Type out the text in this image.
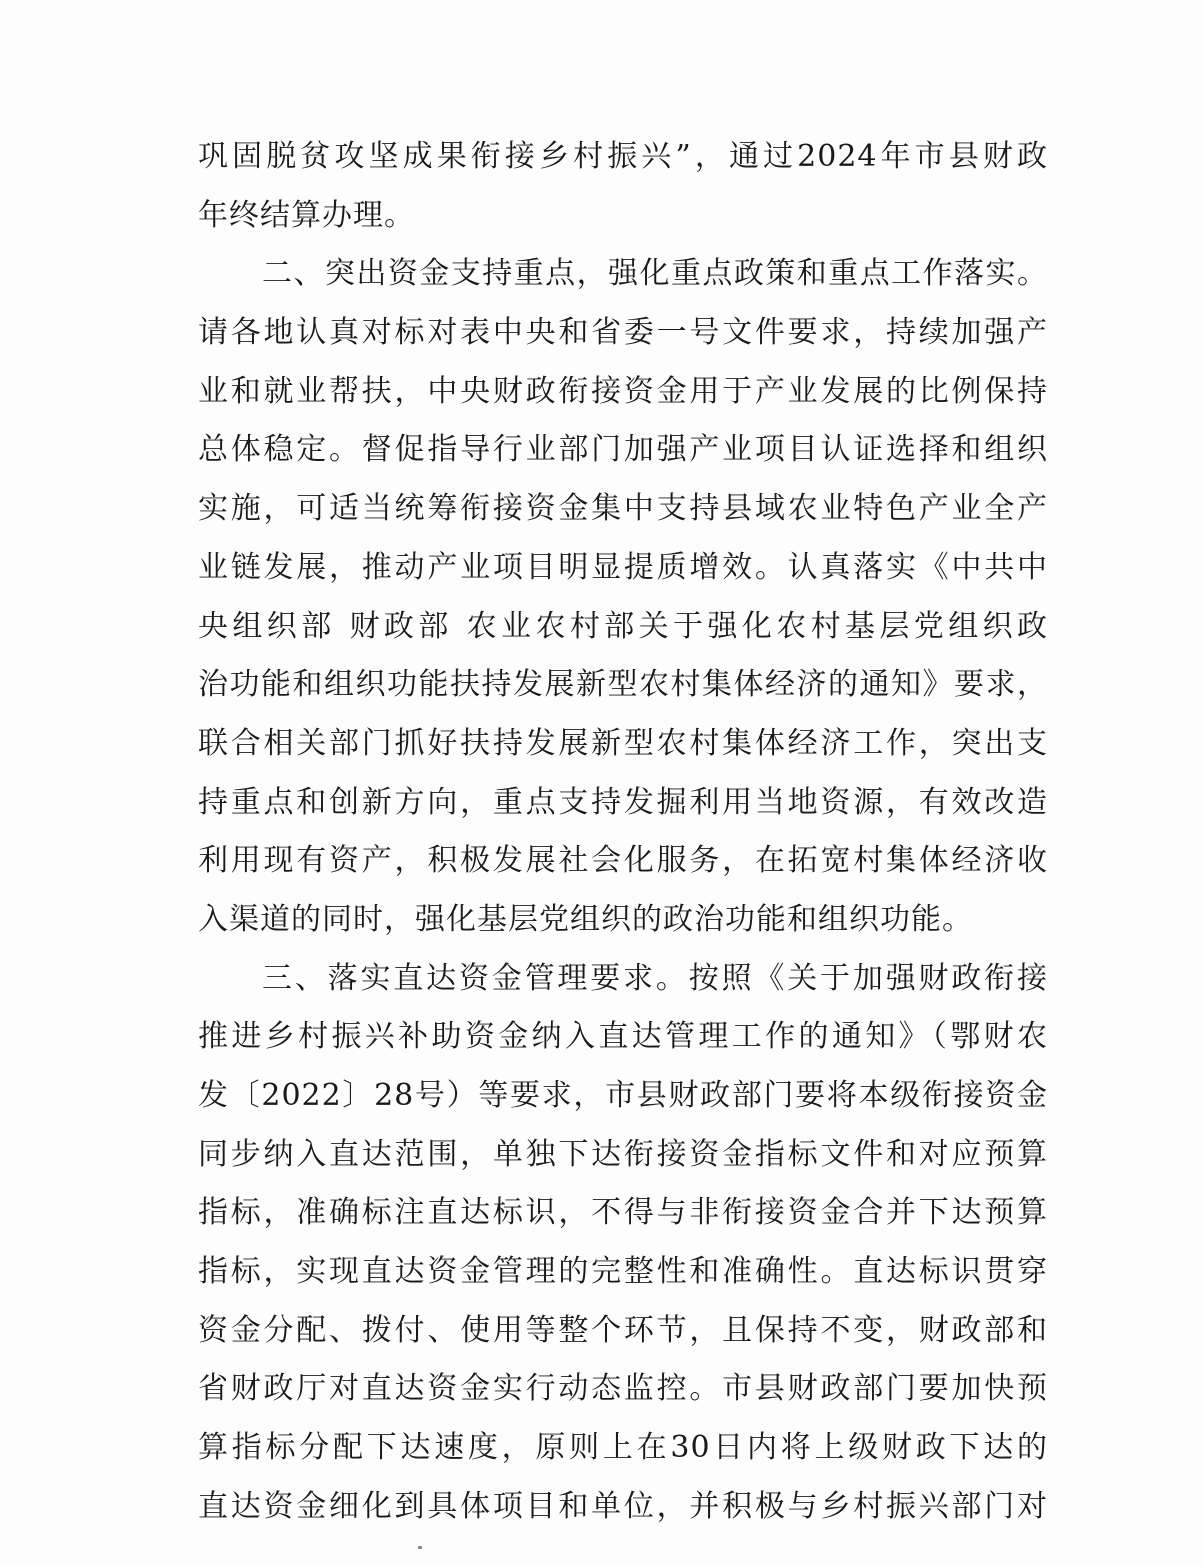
巩固脱贫攻坚成果衔接乡村振兴”，通过2024年市县财政
年终结算办理。
二、突出资金支持重点，强化重点政策和重点工作落实。
请各地认真对标对表中央和省委一号文件要求，持续加强产
业和就业帮扶，中央财政衔接资金用于产业发展的比例保持
总体稳定。督促指导行业部门加强产业项目认证选择和组织
实施，可适当统筹衔接资金集中支持县域农业特色产业全产
业链发展，推动产业项目明显提质增效。认真落实《中共中
央组织部 财政部 农业农村部关于强化农村基层党组织政
治功能和组织功能扶持发展新型农村集体经济的通知》要求，
联合相关部门抓好扶持发展新型农村集体经济工作，突出支
持重点和创新方向，重点支持发掘利用当地资源，有效改造
利用现有资产，积极发展社会化服务，在拓宽村集体经济收
入渠道的同时，强化基层党组织的政治功能和组织功能。
三、落实直达资金管理要求。按照《关于加强财政衔接
推进乡村振兴补助资金纳入直达管理工作的通知》（鄂财农
发〔2022〕28号）等要求，市县财政部门要将本级衔接资金
同步纳入直达范围，单独下达衔接资金指标文件和对应预算
指标，准确标注直达标识，不得与非衔接资金合并下达预算
指标，实现直达资金管理的完整性和准确性。直达标识贯穿
资金分配、拨付、使用等整个环节，且保持不变，财政部和
省财政厅对直达资金实行动态监控。市县财政部门要加快预
算指标分配下达速度，原则上在30日内将上级财政下达的
直达资金细化到具体项目和单位，并积极与乡村振兴部门对
